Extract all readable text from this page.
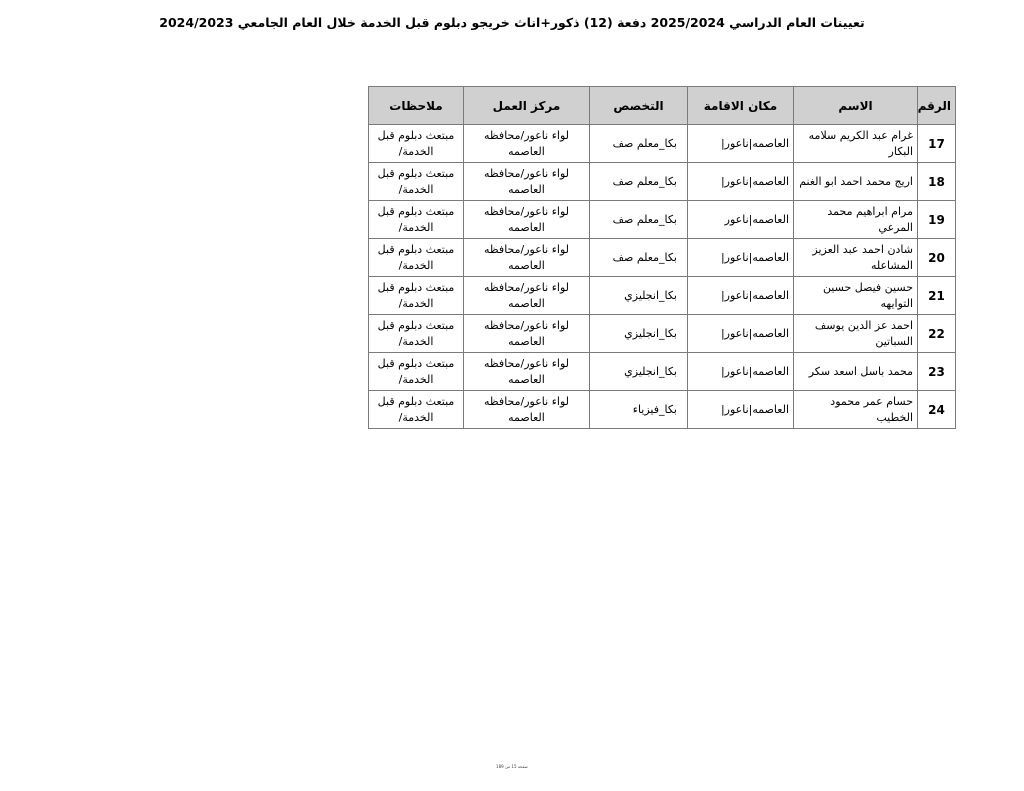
تعيينات العام الدراسي 2025/2024 دفعة (12) ذكور+اناث خريجو دبلوم قبل الخدمة خلال العام الجامعي 2024/2023
الرقم	الاسم	مكان الاقامة	التخصص	مركز العمل	ملاحظات
17	غرام عبد الكريم سلامه البكار	العاصمه|ناعور|	بكا_معلم صف	لواء ناعور/محافظه العاصمه	مبتعث دبلوم قبل الخدمة/
18	اريج محمد احمد ابو الغنم	العاصمه|ناعور|	بكا_معلم صف	لواء ناعور/محافظه العاصمه	مبتعث دبلوم قبل الخدمة/
19	مرام ابراهيم محمد المرعي	العاصمه|ناعور	بكا_معلم صف	لواء ناعور/محافظه العاصمه	مبتعث دبلوم قبل الخدمة/
20	شادن احمد عبد العزيز المشاعله	العاصمه|ناعور|	بكا_معلم صف	لواء ناعور/محافظه العاصمه	مبتعث دبلوم قبل الخدمة/
21	حسين فيصل حسين التوايهه	العاصمه|ناعور|	بكا_انجليزي	لواء ناعور/محافظه العاصمه	مبتعث دبلوم قبل الخدمة/
22	احمد عز الدين يوسف السباتين	العاصمه|ناعور|	بكا_انجليزي	لواء ناعور/محافظه العاصمه	مبتعث دبلوم قبل الخدمة/
23	محمد باسل اسعد سكر	العاصمه|ناعور|	بكا_انجليزي	لواء ناعور/محافظه العاصمه	مبتعث دبلوم قبل الخدمة/
24	حسام عمر محمود الخطيب	العاصمه|ناعور|	بكا_فيزياء	لواء ناعور/محافظه العاصمه	مبتعث دبلوم قبل الخدمة/
صفحة 15 من 189
